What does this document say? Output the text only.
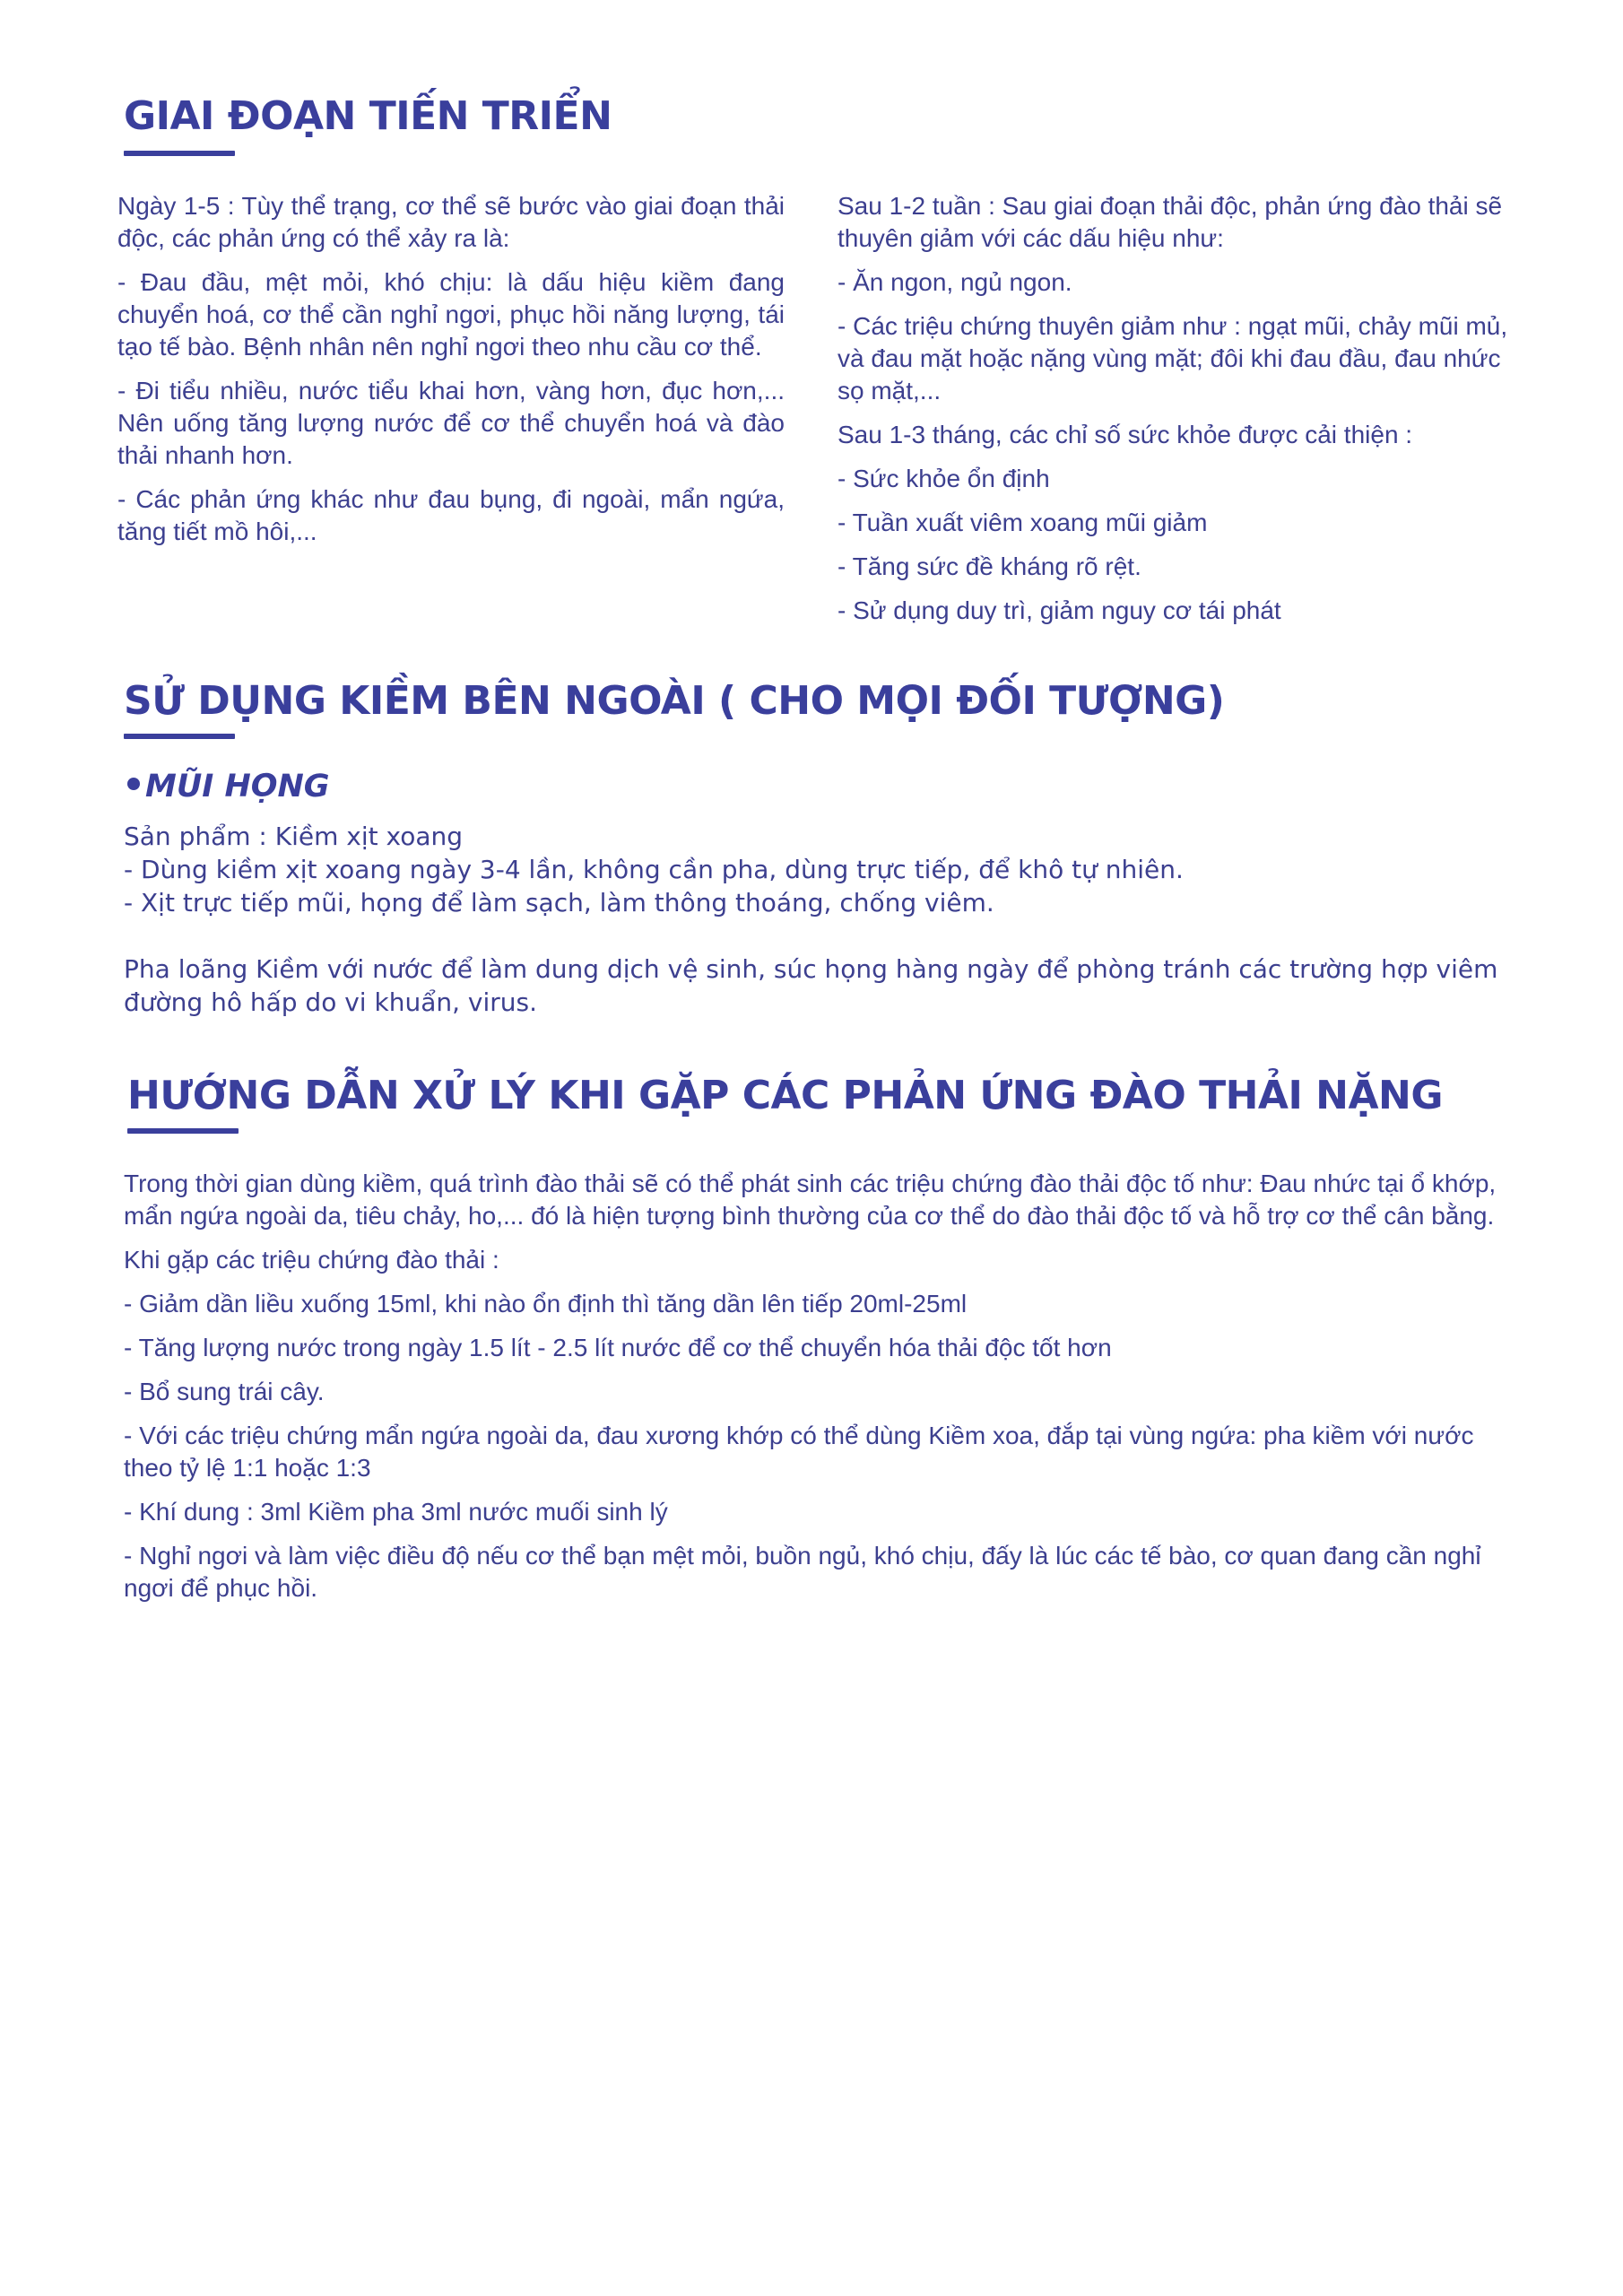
GIAI ĐOẠN TIẾN TRIỂN

Ngày 1-5 : Tùy thể trạng, cơ thể sẽ bước vào giai đoạn thải độc, các phản ứng có thể xảy ra là:

- Đau đầu, mệt mỏi, khó chịu: là dấu hiệu kiềm đang chuyển hoá, cơ thể cần nghỉ ngơi, phục hồi năng lượng, tái tạo tế bào. Bệnh nhân nên nghỉ ngơi theo nhu cầu cơ thể.

- Đi tiểu nhiều, nước tiểu khai hơn, vàng hơn, đục hơn,... Nên uống tăng lượng nước để cơ thể chuyển hoá và đào thải nhanh hơn.

- Các phản ứng khác như đau bụng, đi ngoài, mẩn ngứa, tăng tiết mồ hôi,...

Sau 1-2 tuần : Sau giai đoạn thải độc, phản ứng đào thải sẽ thuyên giảm với các dấu hiệu như:

- Ăn ngon, ngủ ngon.

- Các triệu chứng thuyên giảm như : ngạt mũi, chảy mũi mủ, và đau mặt hoặc nặng vùng mặt; đôi khi đau đầu, đau nhức sọ mặt,...

Sau 1-3 tháng, các chỉ số sức khỏe được cải thiện :

- Sức khỏe ổn định

- Tuần xuất viêm xoang mũi giảm

- Tăng sức đề kháng rõ rệt.

- Sử dụng duy trì, giảm nguy cơ tái phát

SỬ DỤNG KIỀM BÊN NGOÀI ( CHO MỌI ĐỐI TƯỢNG)
MŨI HỌNG
Sản phẩm : Kiềm xịt xoang
- Dùng kiềm xịt xoang ngày 3-4 lần, không cần pha, dùng trực tiếp, để khô tự nhiên.
- Xịt trực tiếp mũi, họng để làm sạch, làm thông thoáng, chống viêm.
Pha loãng Kiềm với nước để làm dung dịch vệ sinh, súc họng hàng ngày để phòng tránh các trường hợp viêm
đường hô hấp do vi khuẩn, virus.
HƯỚNG DẪN XỬ LÝ KHI GẶP CÁC PHẢN ỨNG ĐÀO THẢI NẶNG

Trong thời gian dùng kiềm, quá trình đào thải sẽ có thể phát sinh các triệu chứng đào thải độc tố như: Đau nhức tại ổ khớp, mẩn ngứa ngoài da, tiêu chảy, ho,... đó là hiện tượng bình thường của cơ thể do đào thải độc tố và hỗ trợ cơ thể cân bằng.

Khi gặp các triệu chứng đào thải :

- Giảm dần liều xuống 15ml, khi nào ổn định thì tăng dần lên tiếp 20ml-25ml

- Tăng lượng nước trong ngày 1.5 lít - 2.5 lít nước để cơ thể chuyển hóa thải độc tốt hơn

- Bổ sung trái cây.

- Với các triệu chứng mẩn ngứa ngoài da, đau xương khớp có thể dùng Kiềm xoa, đắp tại vùng ngứa: pha kiềm với nước theo tỷ lệ 1:1 hoặc 1:3

- Khí dung : 3ml Kiềm pha 3ml nước muối sinh lý

- Nghỉ ngơi và làm việc điều độ nếu cơ thể bạn mệt mỏi, buồn ngủ, khó chịu, đấy là lúc các tế bào, cơ quan đang cần nghỉ ngơi để phục hồi.
